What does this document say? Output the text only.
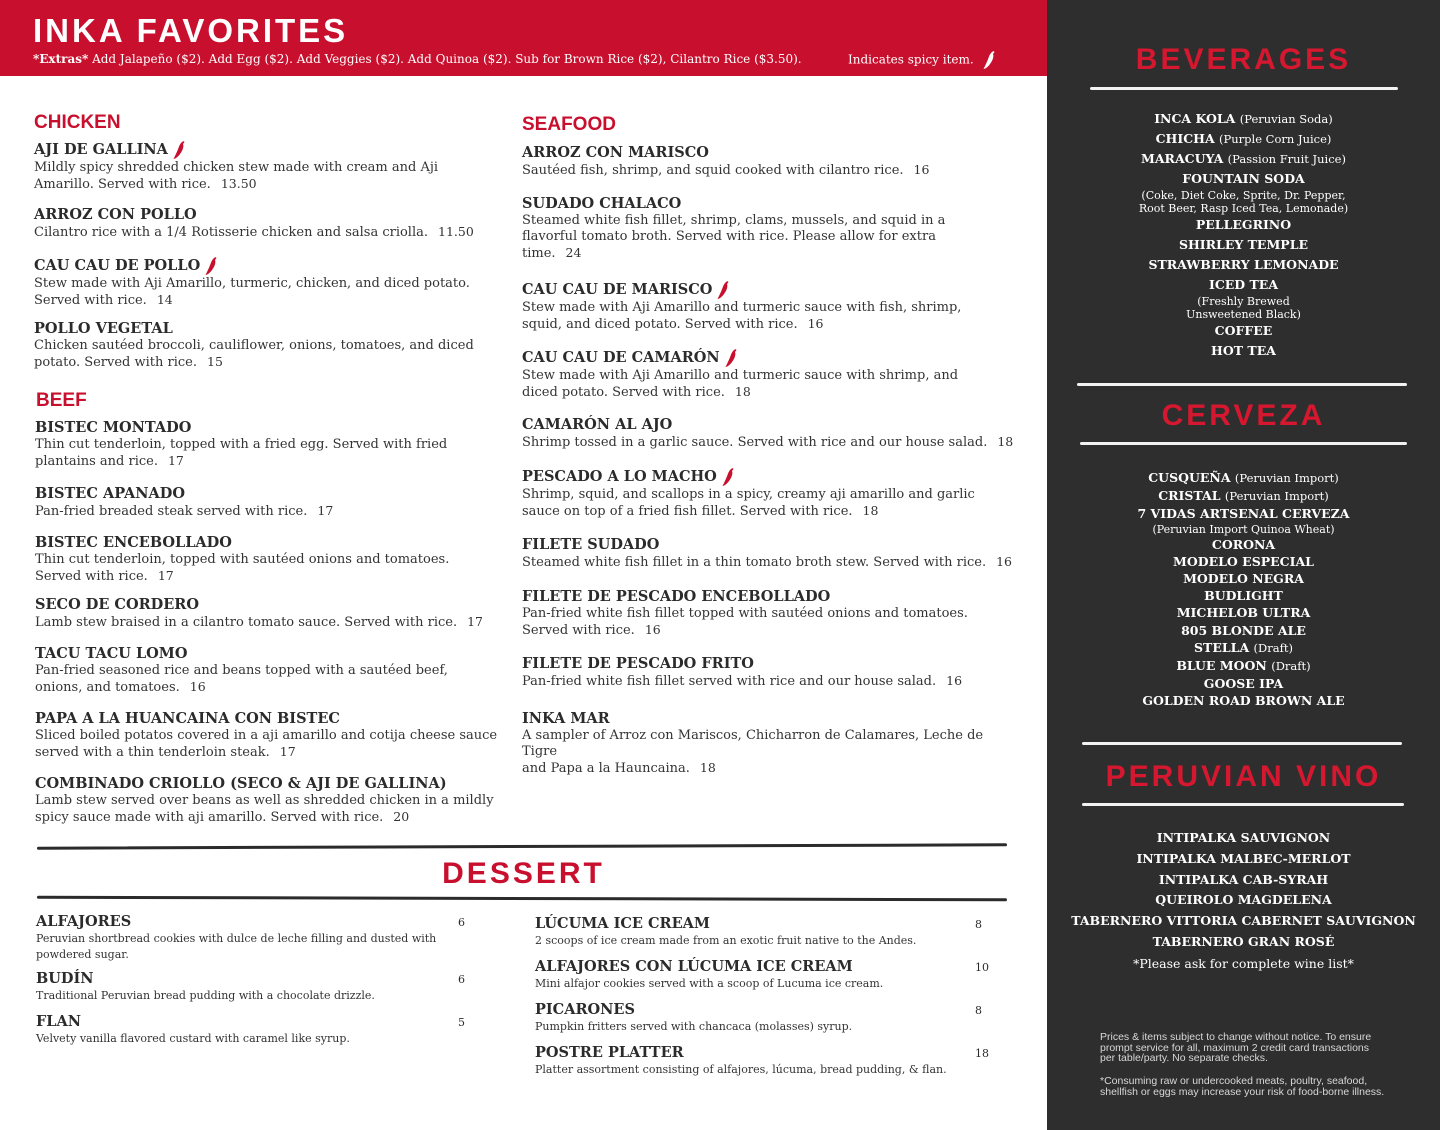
INKA FAVORITES
*Extras* Add Jalapeño ($2). Add Egg ($2). Add Veggies ($2). Add Quinoa ($2). Sub for Brown Rice ($2), Cilantro Rice ($3.50).	Indicates spicy item.
CHICKEN
AJI DE GALLINA
Mildly spicy shredded chicken stew made with cream and Aji
Amarillo. Served with rice. 13.50
ARROZ CON POLLO
Cilantro rice with a 1/4 Rotisserie chicken and salsa criolla. 11.50
CAU CAU DE POLLO
Stew made with Aji Amarillo, turmeric, chicken, and diced potato.
Served with rice. 14
POLLO VEGETAL
Chicken sautéed broccoli, cauliflower, onions, tomatoes, and diced
potato. Served with rice. 15
BEEF
BISTEC MONTADO
Thin cut tenderloin, topped with a fried egg. Served with fried
plantains and rice. 17
BISTEC APANADO
Pan-fried breaded steak served with rice. 17
BISTEC ENCEBOLLADO
Thin cut tenderloin, topped with sautéed onions and tomatoes.
Served with rice. 17
SECO DE CORDERO
Lamb stew braised in a cilantro tomato sauce. Served with rice. 17
TACU TACU LOMO
Pan-fried seasoned rice and beans topped with a sautéed beef,
onions, and tomatoes. 16
PAPA A LA HUANCAINA CON BISTEC
Sliced boiled potatos covered in a aji amarillo and cotija cheese sauce
served with a thin tenderloin steak. 17
COMBINADO CRIOLLO (SECO & AJI DE GALLINA)
Lamb stew served over beans as well as shredded chicken in a mildly
spicy sauce made with aji amarillo. Served with rice. 20
SEAFOOD
ARROZ CON MARISCO
Sautéed fish, shrimp, and squid cooked with cilantro rice. 16
SUDADO CHALACO
Steamed white fish fillet, shrimp, clams, mussels, and squid in a
flavorful tomato broth. Served with rice. Please allow for extra
time. 24
CAU CAU DE MARISCO
Stew made with Aji Amarillo and turmeric sauce with fish, shrimp,
squid, and diced potato. Served with rice. 16
CAU CAU DE CAMARÓN
Stew made with Aji Amarillo and turmeric sauce with shrimp, and
diced potato. Served with rice. 18
CAMARÓN AL AJO
Shrimp tossed in a garlic sauce. Served with rice and our house salad. 18
PESCADO A LO MACHO
Shrimp, squid, and scallops in a spicy, creamy aji amarillo and garlic
sauce on top of a fried fish fillet. Served with rice. 18
FILETE SUDADO
Steamed white fish fillet in a thin tomato broth stew. Served with rice. 16
FILETE DE PESCADO ENCEBOLLADO
Pan-fried white fish fillet topped with sautéed onions and tomatoes.
Served with rice. 16
FILETE DE PESCADO FRITO
Pan-fried white fish fillet served with rice and our house salad. 16
INKA MAR
A sampler of Arroz con Mariscos, Chicharron de Calamares, Leche de Tigre
and Papa a la Hauncaina. 18
DESSERT
ALFAJORES
Peruvian shortbread cookies with dulce de leche filling and dusted with
powdered sugar.
6
BUDÍN
Traditional Peruvian bread pudding with a chocolate drizzle.
6
FLAN
Velvety vanilla flavored custard with caramel like syrup.
5
LÚCUMA ICE CREAM
2 scoops of ice cream made from an exotic fruit native to the Andes.
8
ALFAJORES CON LÚCUMA ICE CREAM
Mini alfajor cookies served with a scoop of Lucuma ice cream.
10
PICARONES
Pumpkin fritters served with chancaca (molasses) syrup.
8
POSTRE PLATTER
Platter assortment consisting of alfajores, lúcuma, bread pudding, & flan.
18
BEVERAGES
INCA KOLA (Peruvian Soda)
CHICHA (Purple Corn Juice)
MARACUYA (Passion Fruit Juice)
FOUNTAIN SODA
(Coke, Diet Coke, Sprite, Dr. Pepper,
Root Beer, Rasp Iced Tea, Lemonade)
PELLEGRINO
SHIRLEY TEMPLE
STRAWBERRY LEMONADE
ICED TEA
(Freshly Brewed
Unsweetened Black)
COFFEE
HOT TEA
CERVEZA
CUSQUEÑA (Peruvian Import)
CRISTAL (Peruvian Import)
7 VIDAS ARTSENAL CERVEZA
(Peruvian Import Quinoa Wheat)
CORONA
MODELO ESPECIAL
MODELO NEGRA
BUDLIGHT
MICHELOB ULTRA
805 BLONDE ALE
STELLA (Draft)
BLUE MOON (Draft)
GOOSE IPA
GOLDEN ROAD BROWN ALE
PERUVIAN VINO
INTIPALKA SAUVIGNON
INTIPALKA MALBEC-MERLOT
INTIPALKA CAB-SYRAH
QUEIROLO MAGDELENA
TABERNERO VITTORIA CABERNET SAUVIGNON
TABERNERO GRAN ROSÉ
*Please ask for complete wine list*
Prices & items subject to change without notice. To ensure
prompt service for all, maximum 2 credit card transactions
per table/party. No separate checks.
*Consuming raw or undercooked meats, poultry, seafood,
shellfish or eggs may increase your risk of food-borne illness.
